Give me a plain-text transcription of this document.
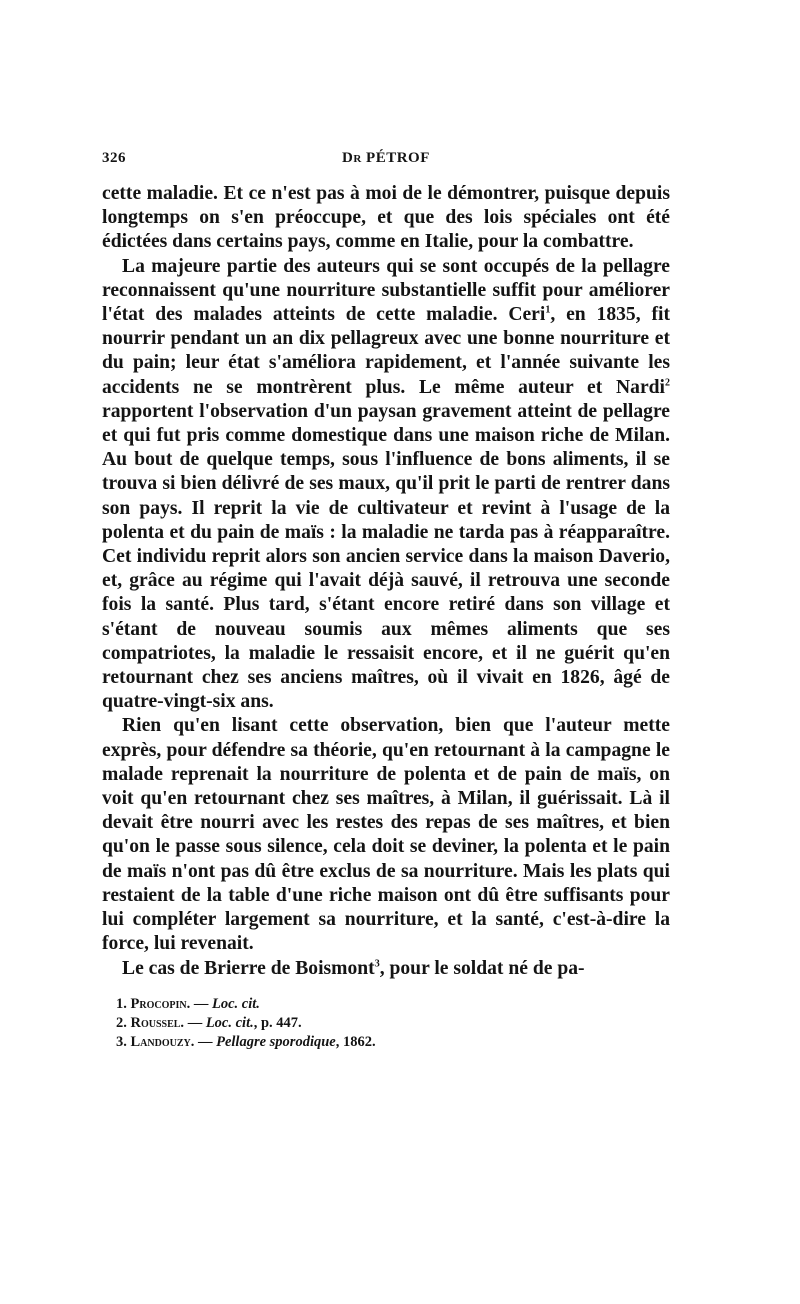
326	Dr PÉTROF

cette maladie. Et ce n'est pas à moi de le démontrer, puisque depuis longtemps on s'en préoccupe, et que des lois spéciales ont été édictées dans certains pays, comme en Italie, pour la combattre.

La majeure partie des auteurs qui se sont occupés de la pellagre reconnaissent qu'une nourriture substantielle suffit pour améliorer l'état des malades atteints de cette maladie. Ceri$^1$, en 1835, fit nourrir pendant un an dix pellagreux avec une bonne nourriture et du pain; leur état s'améliora rapidement, et l'année suivante les accidents ne se montrèrent plus. Le même auteur et Nardi$^2$ rapportent l'observation d'un paysan gravement atteint de pellagre et qui fut pris comme domestique dans une maison riche de Milan. Au bout de quelque temps, sous l'influence de bons aliments, il se trouva si bien délivré de ses maux, qu'il prit le parti de rentrer dans son pays. Il reprit la vie de cultivateur et revint à l'usage de la polenta et du pain de maïs : la maladie ne tarda pas à réapparaître. Cet individu reprit alors son ancien service dans la maison Daverio, et, grâce au régime qui l'avait déjà sauvé, il retrouva une seconde fois la santé. Plus tard, s'étant encore retiré dans son village et s'étant de nouveau soumis aux mêmes aliments que ses compatriotes, la maladie le ressaisit encore, et il ne guérit qu'en retournant chez ses anciens maîtres, où il vivait en 1826, âgé de quatre-vingt-six ans.

Rien qu'en lisant cette observation, bien que l'auteur mette exprès, pour défendre sa théorie, qu'en retournant à la campagne le malade reprenait la nourriture de polenta et de pain de maïs, on voit qu'en retournant chez ses maîtres, à Milan, il guérissait. Là il devait être nourri avec les restes des repas de ses maîtres, et bien qu'on le passe sous silence, cela doit se deviner, la polenta et le pain de maïs n'ont pas dû être exclus de sa nourriture. Mais les plats qui restaient de la table d'une riche maison ont dû être suffisants pour lui compléter largement sa nourriture, et la santé, c'est-à-dire la force, lui revenait.

Le cas de Brierre de Boismont$^3$, pour le soldat né de pa-

1. Procopin. — Loc. cit.
2. Roussel. — Loc. cit., p. 447.
3. Landouzy. — Pellagre sporodique, 1862.
